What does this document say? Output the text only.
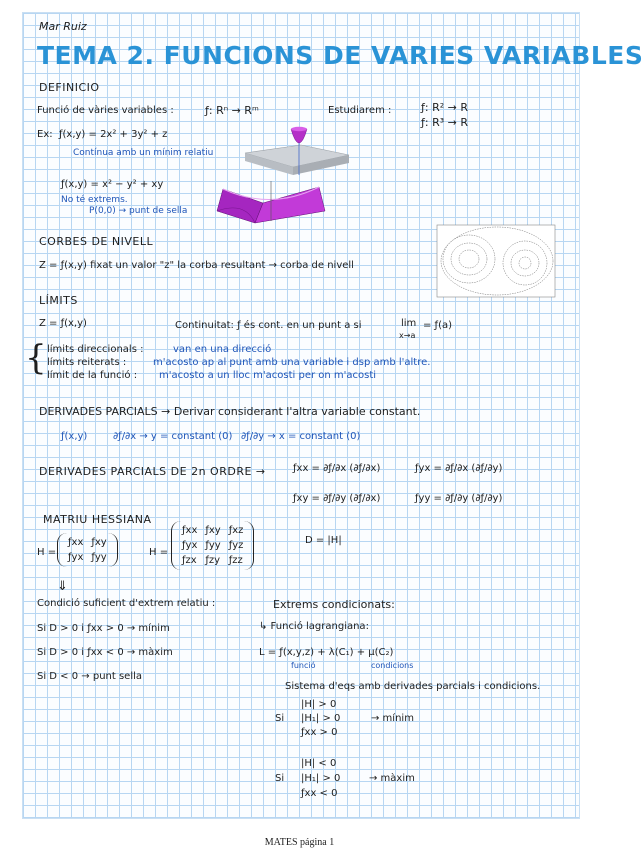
Mar Ruiz
TEMA 2. FUNCIONS DE VARIES VARIABLES
DEFINICIO
Funció de vàries variables :	ƒ: Rⁿ → Rᵐ	Estudiarem :	ƒ: R² → R
ƒ: R³ → R
Ex: ƒ(x,y) = 2x² + 3y² + z
Contínua amb un mínim relatiu
ƒ(x,y) = x² − y² + xy
No té extrems.
P(0,0) → punt de sella
CORBES DE NIVELL
Z = ƒ(x,y) fixat un valor "z" la corba resultant → corba de nivell
LÍMITS
Z = ƒ(x,y)	Continuitat: ƒ és cont. en un punt a si	lim
x→a
= ƒ(a)
{ límits direccionals :	van en una direcció
límits reiterats :	m'acosto ap al punt amb una variable i dsp amb l'altre.
límit de la funció : m'acosto a un lloc m'acosti per on m'acosti
DERIVADES PARCIALS → Derivar considerant l'altra variable constant.
ƒ(x,y)	∂ƒ/∂x → y = constant (0) ∂ƒ/∂y → x = constant (0)
DERIVADES PARCIALS DE 2n ORDRE →	ƒxx = ∂ƒ/∂x (∂ƒ/∂x)	ƒyx = ∂ƒ/∂x (∂ƒ/∂y)
ƒxy = ∂ƒ/∂y (∂ƒ/∂x)	ƒyy = ∂ƒ/∂y (∂ƒ/∂y)
MATRIU HESSIANA
H =
ƒxx	ƒxy
ƒyx	ƒyy	H =
ƒxx	ƒxy	ƒxz
ƒyx	ƒyy	ƒyz
ƒzx	ƒzy	ƒzz
D = |H|
⇓
Condició suficient d'extrem relatiu :
Si D > 0 i ƒxx > 0 → mínim
Si D > 0 i ƒxx < 0 → màxim
Si D < 0 → punt sella
Extrems condicionats:
↳ Funció lagrangiana:
L = ƒ(x,y,z) + λ(C₁) + μ(C₂)
funció	condicions
Sistema d'eqs amb derivades parcials i condicions.
Si
|H| > 0
|H₁| > 0
ƒxx > 0
→ mínim
Si
|H| < 0
|H₁| > 0
ƒxx < 0
→ màxim
MATES página 1
